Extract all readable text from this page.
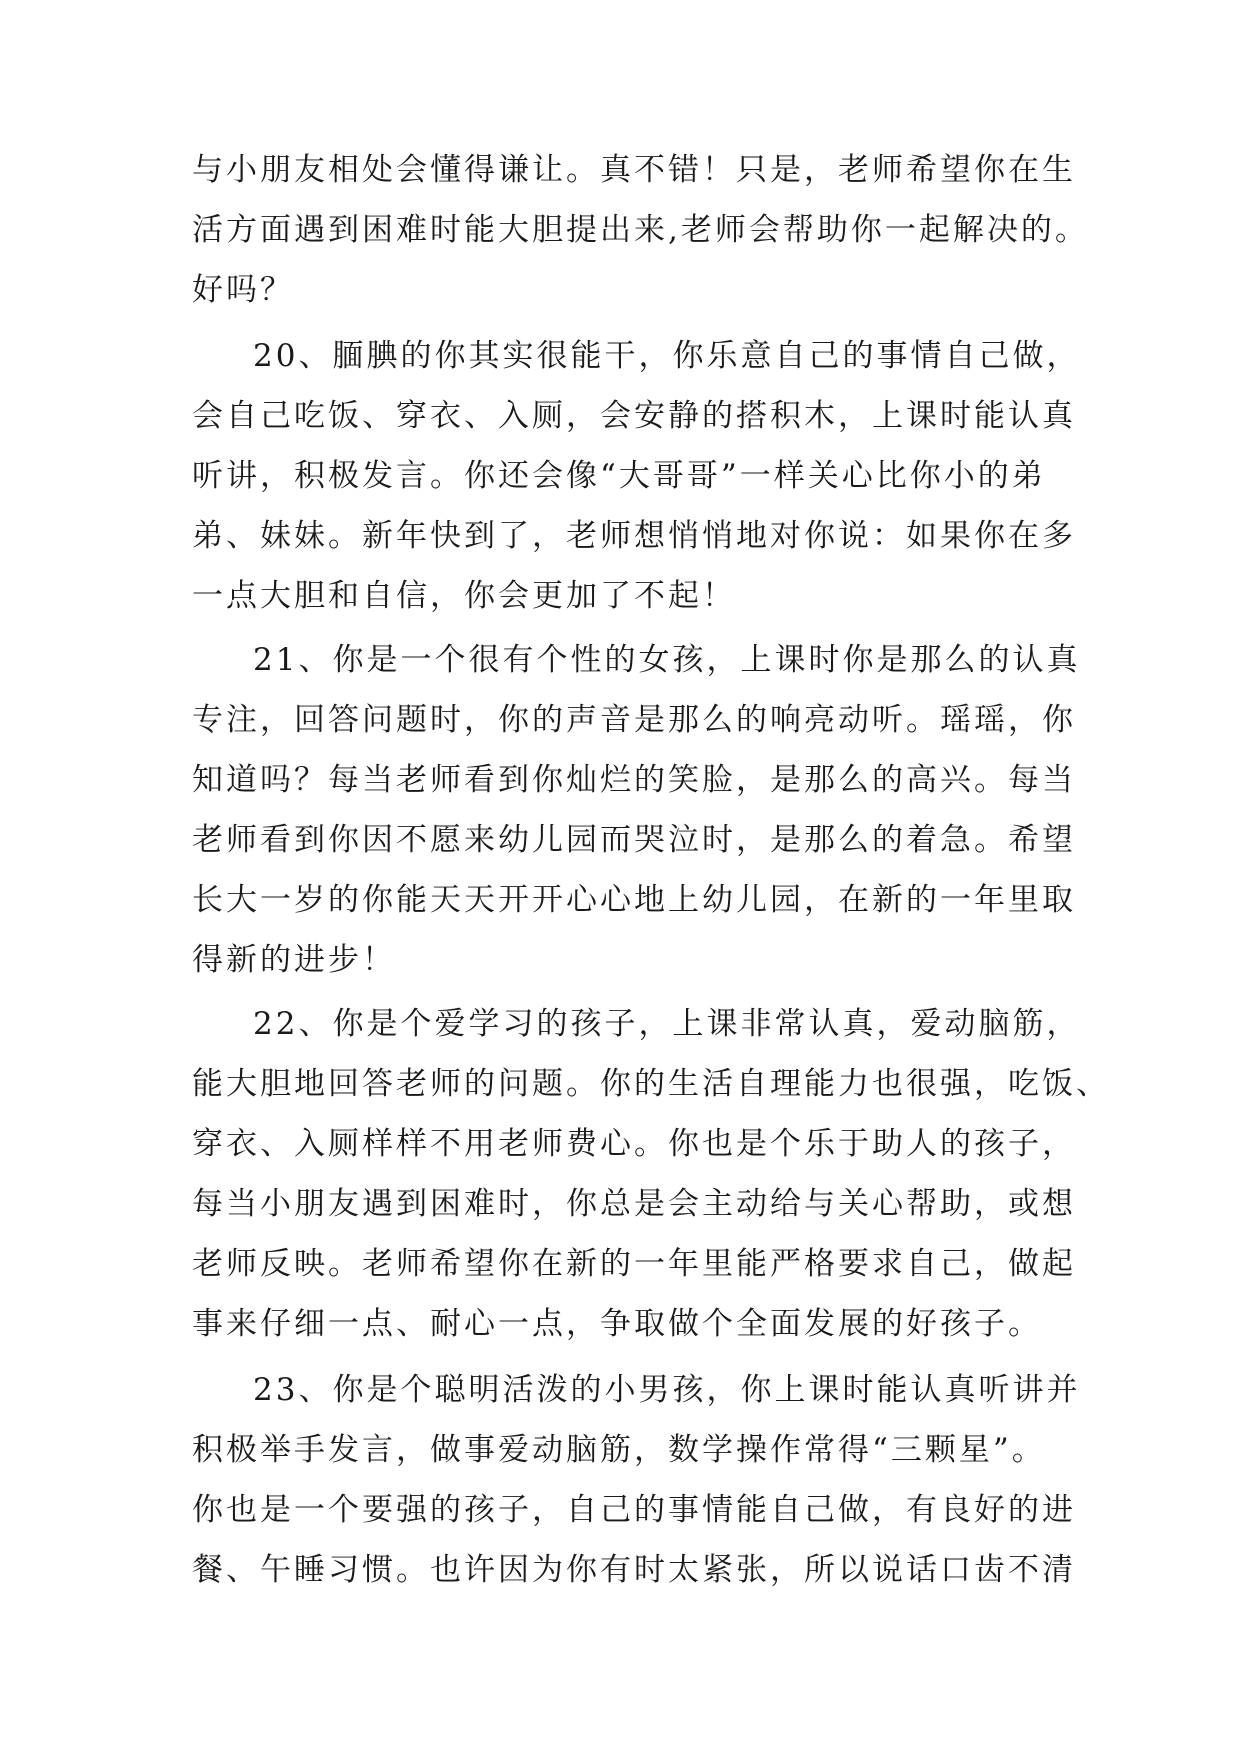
与小朋友相处会懂得谦让。真不错！只是，老师希望你在生
活方面遇到困难时能大胆提出来,老师会帮助你一起解决的。
好吗？
20、腼腆的你其实很能干，你乐意自己的事情自己做，
会自己吃饭、穿衣、入厕，会安静的搭积木，上课时能认真
听讲，积极发言。你还会像“大哥哥”一样关心比你小的弟
弟、妹妹。新年快到了，老师想悄悄地对你说：如果你在多
一点大胆和自信，你会更加了不起！
21、你是一个很有个性的女孩，上课时你是那么的认真
专注，回答问题时，你的声音是那么的响亮动听。瑶瑶，你
知道吗？每当老师看到你灿烂的笑脸，是那么的高兴。每当
老师看到你因不愿来幼儿园而哭泣时，是那么的着急。希望
长大一岁的你能天天开开心心地上幼儿园，在新的一年里取
得新的进步！
22、你是个爱学习的孩子，上课非常认真，爱动脑筋，
能大胆地回答老师的问题。你的生活自理能力也很强，吃饭、
穿衣、入厕样样不用老师费心。你也是个乐于助人的孩子，
每当小朋友遇到困难时，你总是会主动给与关心帮助，或想
老师反映。老师希望你在新的一年里能严格要求自己，做起
事来仔细一点、耐心一点，争取做个全面发展的好孩子。
23、你是个聪明活泼的小男孩，你上课时能认真听讲并
积极举手发言，做事爱动脑筋，数学操作常得“三颗星”。
你也是一个要强的孩子，自己的事情能自己做，有良好的进
餐、午睡习惯。也许因为你有时太紧张，所以说话口齿不清
